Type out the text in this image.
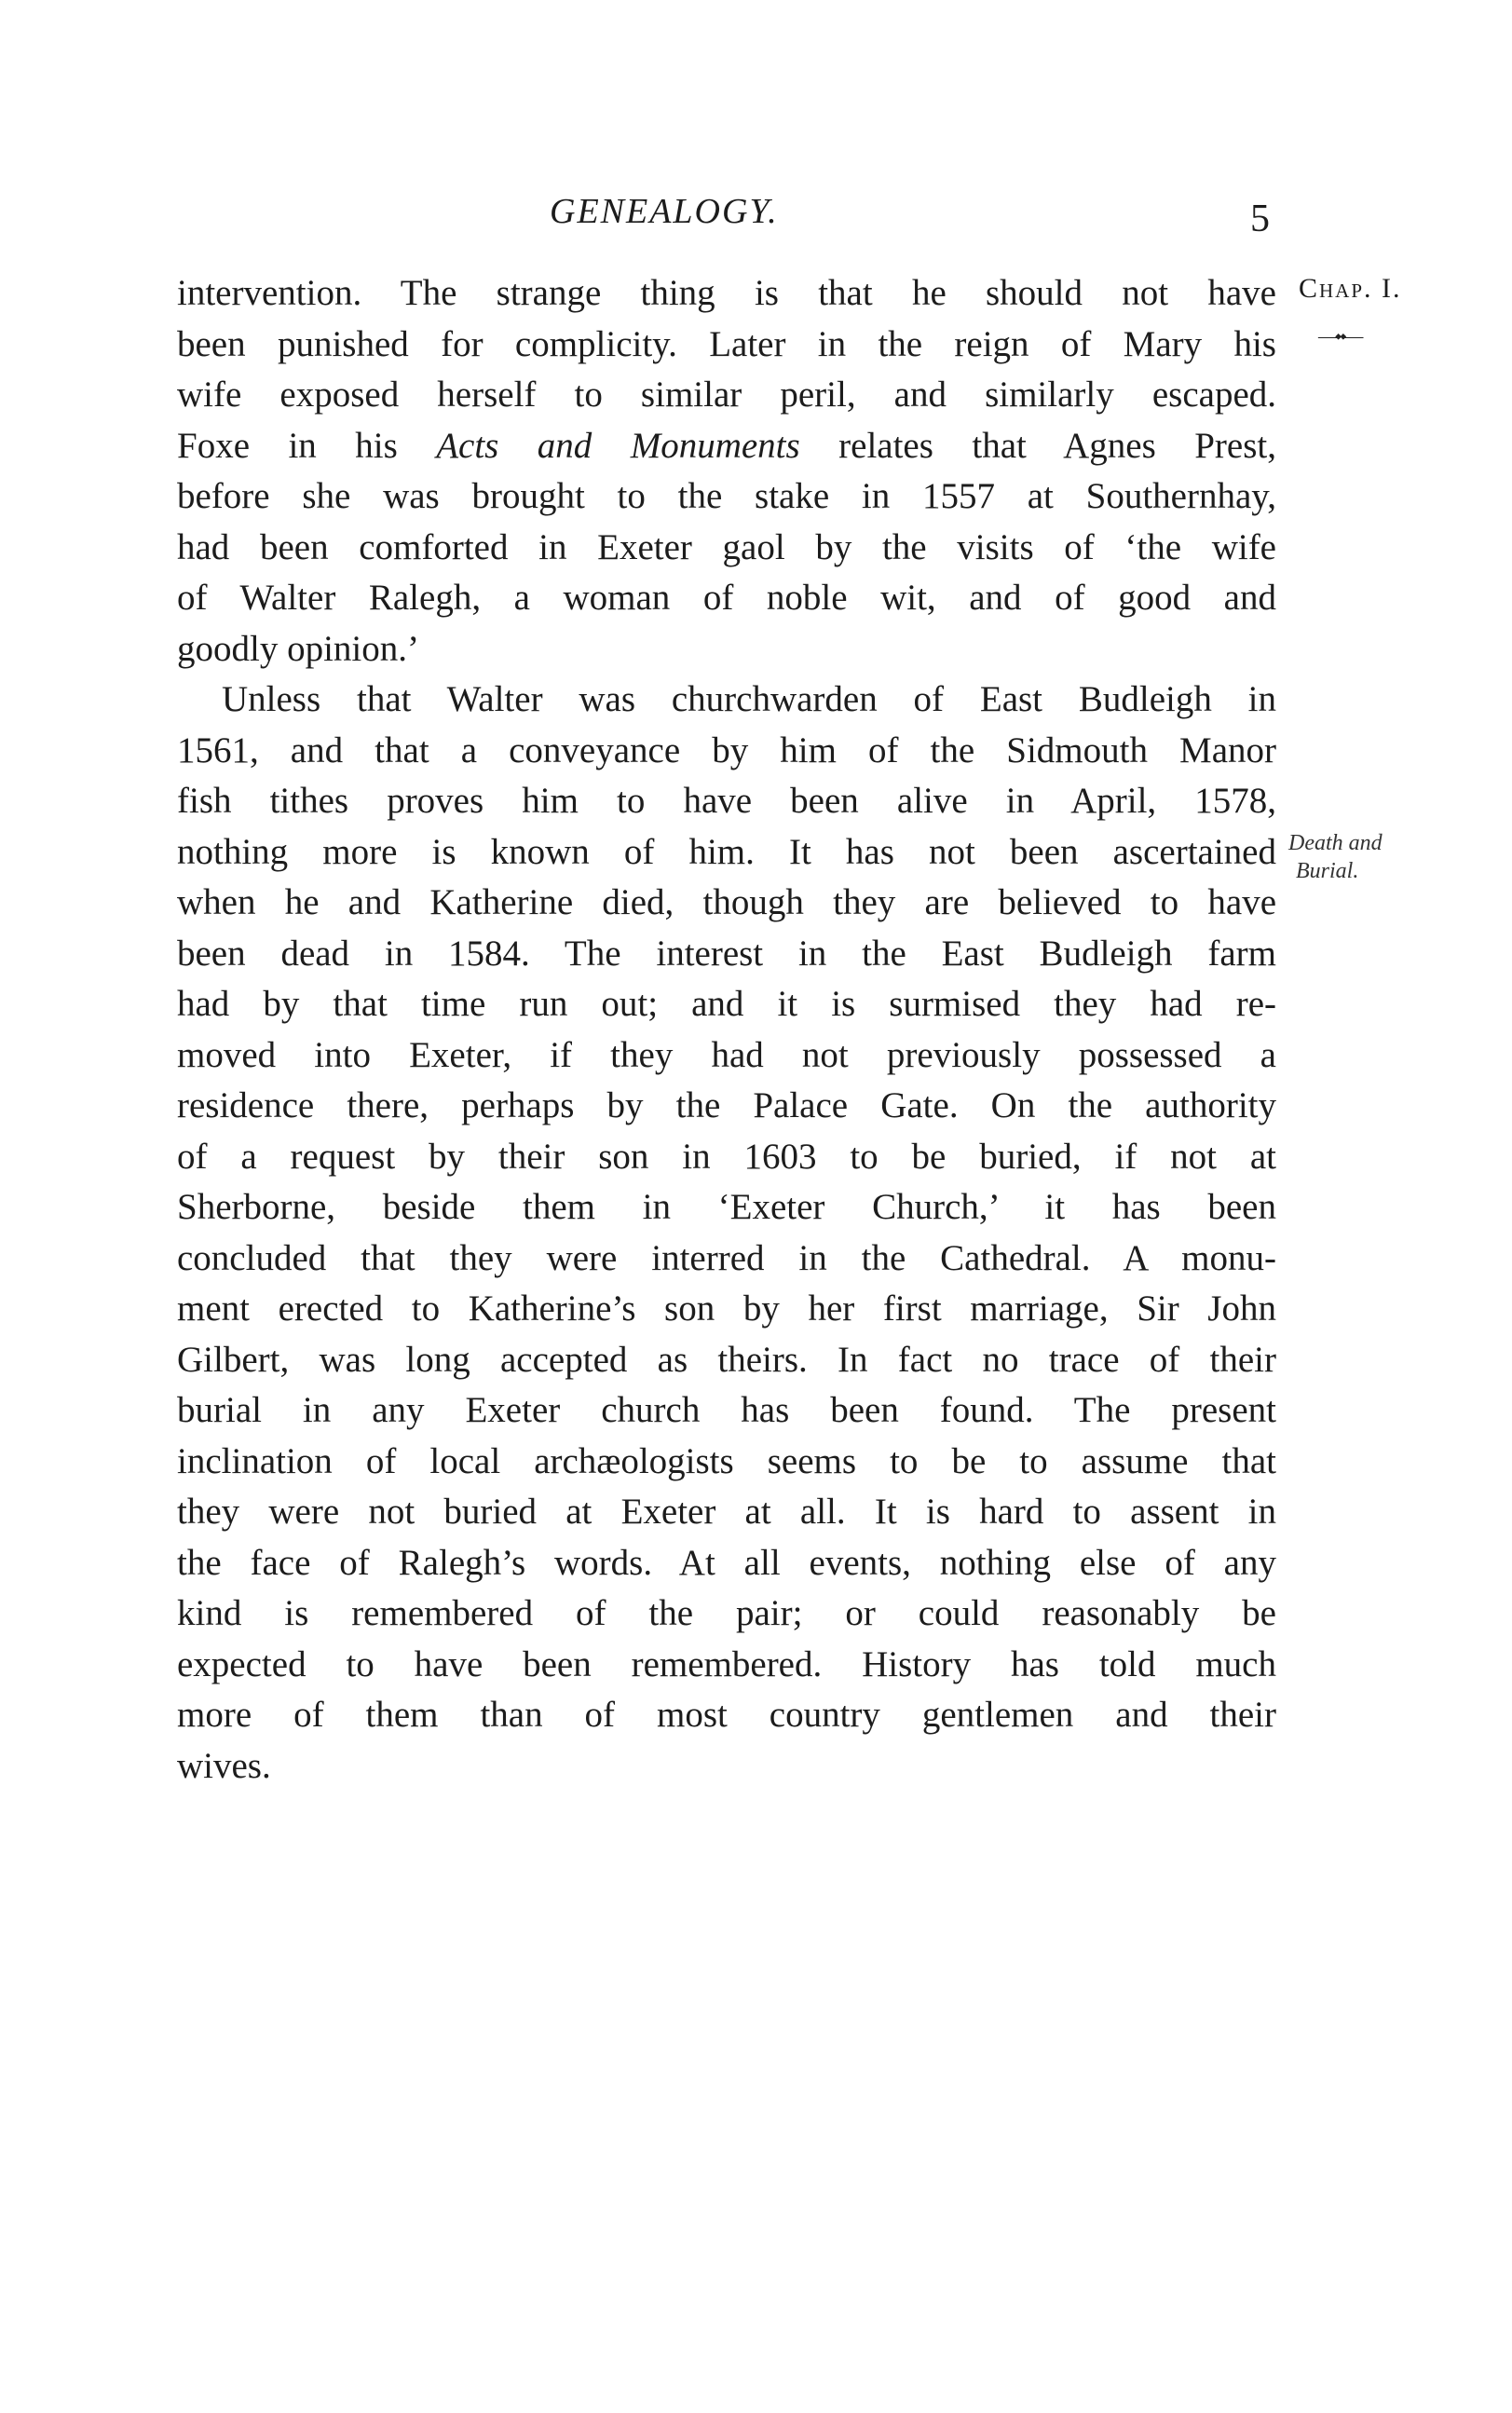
GENEALOGY.	5
Chap. I.
—⬩⬩—
Death and
Burial.
intervention. The strange thing is that he should not have
been punished for complicity. Later in the reign of Mary his
wife exposed herself to similar peril, and similarly escaped.
Foxe in his Acts and Monuments relates that Agnes Prest,
before she was brought to the stake in 1557 at Southernhay,
had been comforted in Exeter gaol by the visits of ‘the wife
of Walter Ralegh, a woman of noble wit, and of good and
goodly opinion.’
Unless that Walter was churchwarden of East Budleigh in
1561, and that a conveyance by him of the Sidmouth Manor
fish tithes proves him to have been alive in April, 1578,
nothing more is known of him. It has not been ascertained
when he and Katherine died, though they are believed to have
been dead in 1584. The interest in the East Budleigh farm
had by that time run out; and it is surmised they had re-
moved into Exeter, if they had not previously possessed a
residence there, perhaps by the Palace Gate. On the authority
of a request by their son in 1603 to be buried, if not at
Sherborne, beside them in ‘Exeter Church,’ it has been
concluded that they were interred in the Cathedral. A monu-
ment erected to Katherine’s son by her first marriage, Sir John
Gilbert, was long accepted as theirs. In fact no trace of their
burial in any Exeter church has been found. The present
inclination of local archæologists seems to be to assume that
they were not buried at Exeter at all. It is hard to assent in
the face of Ralegh’s words. At all events, nothing else of any
kind is remembered of the pair; or could reasonably be
expected to have been remembered. History has told much
more of them than of most country gentlemen and their
wives.
